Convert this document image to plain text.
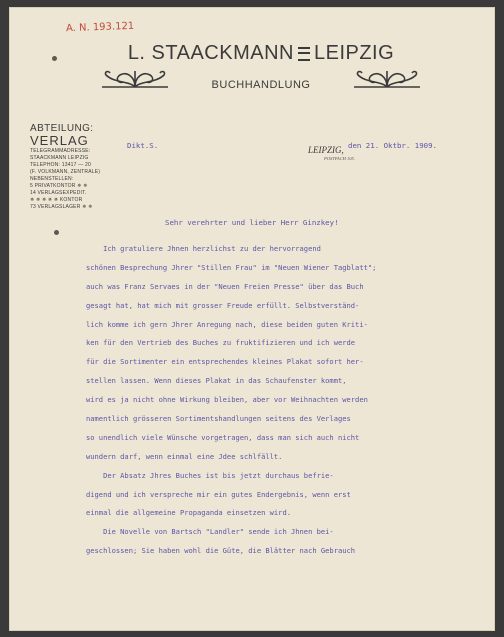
A. N. 193.121
L. STAACKMANN LEIPZIG
BUCHHANDLUNG
ABTEILUNG:
VERLAG
TELEGRAMMADRESSE:
STAACKMANN LEIPZIG
TELEPHON: 13417 — 20
(F. VOLKMANN, ZENTRALE)
NEBENSTELLEN:
5 PRIVATKONTOR ✵ ✵
14 VERLAGSEXPEDIT.
✵ ✵ ✵ ✵ ✵ KONTOR
73 VERLAGSLAGER ✵ ✵
Dikt.S.	LEIPZIG, den 21. Oktbr. 1909.
POSTFACH 105.
Sehr verehrter und lieber Herr Ginzkey!
Ich gratuliere Jhnen herzlichst zu der hervorragend
schönen Besprechung Jhrer "Stillen Frau" im "Neuen Wiener Tagblatt";
auch was Franz Servaes in der "Neuen Freien Presse" über das Buch
gesagt hat, hat mich mit grosser Freude erfüllt. Selbstverständ-
lich komme ich gern Jhrer Anregung nach, diese beiden guten Kriti-
ken für den Vertrieb des Buches zu fruktifizieren und ich werde
für die Sortimenter ein entsprechendes kleines Plakat sofort her-
stellen lassen. Wenn dieses Plakat in das Schaufenster kommt,
wird es ja nicht ohne Wirkung bleiben, aber vor Weihnachten werden
namentlich grösseren Sortimentshandlungen seitens des Verlages
so unendlich viele Wünsche vorgetragen, dass man sich auch nicht
wundern darf, wenn einmal eine Jdee schlfällt.
Der Absatz Jhres Buches ist bis jetzt durchaus befrie-
digend und ich verspreche mir ein gutes Endergebnis, wenn erst
einmal die allgemeine Propaganda einsetzen wird.
Die Novelle von Bartsch "Landler" sende ich Jhnen bei-
geschlossen; Sie haben wohl die Güte, die Blätter nach Gebrauch
